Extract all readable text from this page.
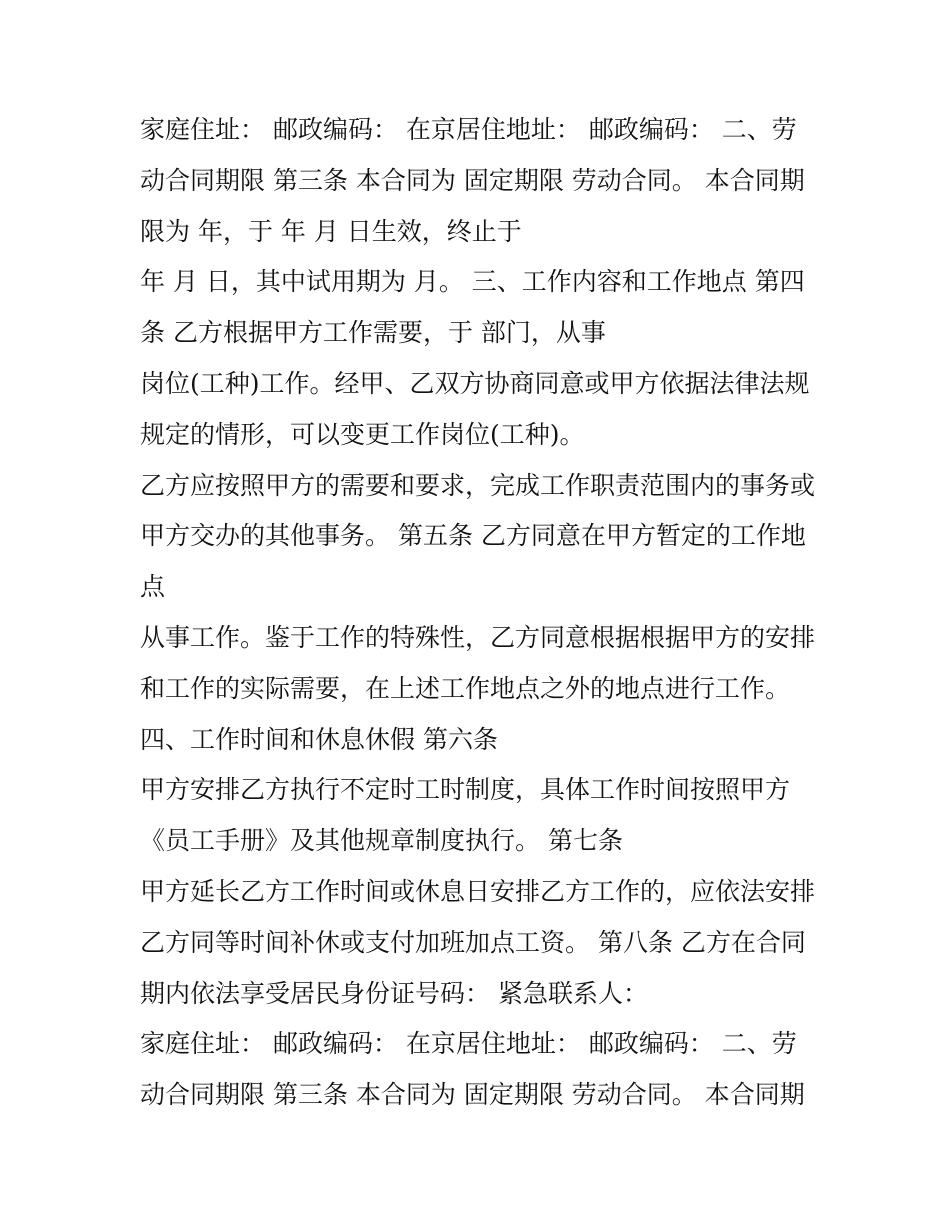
家庭住址： 邮政编码： 在京居住地址： 邮政编码： 二、劳
动合同期限 第三条 本合同为 固定期限 劳动合同。 本合同期
限为 年，于 年 月 日生效，终止于
年 月 日，其中试用期为 月。 三、工作内容和工作地点 第四
条 乙方根据甲方工作需要，于 部门，从事
岗位(工种)工作。经甲、乙双方协商同意或甲方依据法律法规
规定的情形，可以变更工作岗位(工种)。
乙方应按照甲方的需要和要求，完成工作职责范围内的事务或
甲方交办的其他事务。 第五条 乙方同意在甲方暂定的工作地
点
从事工作。鉴于工作的特殊性，乙方同意根据根据甲方的安排
和工作的实际需要，在上述工作地点之外的地点进行工作。
四、工作时间和休息休假 第六条
甲方安排乙方执行不定时工时制度，具体工作时间按照甲方
《员工手册》及其他规章制度执行。 第七条
甲方延长乙方工作时间或休息日安排乙方工作的，应依法安排
乙方同等时间补休或支付加班加点工资。 第八条 乙方在合同
期内依法享受居民身份证号码： 紧急联系人：
家庭住址： 邮政编码： 在京居住地址： 邮政编码： 二、劳
动合同期限 第三条 本合同为 固定期限 劳动合同。 本合同期
